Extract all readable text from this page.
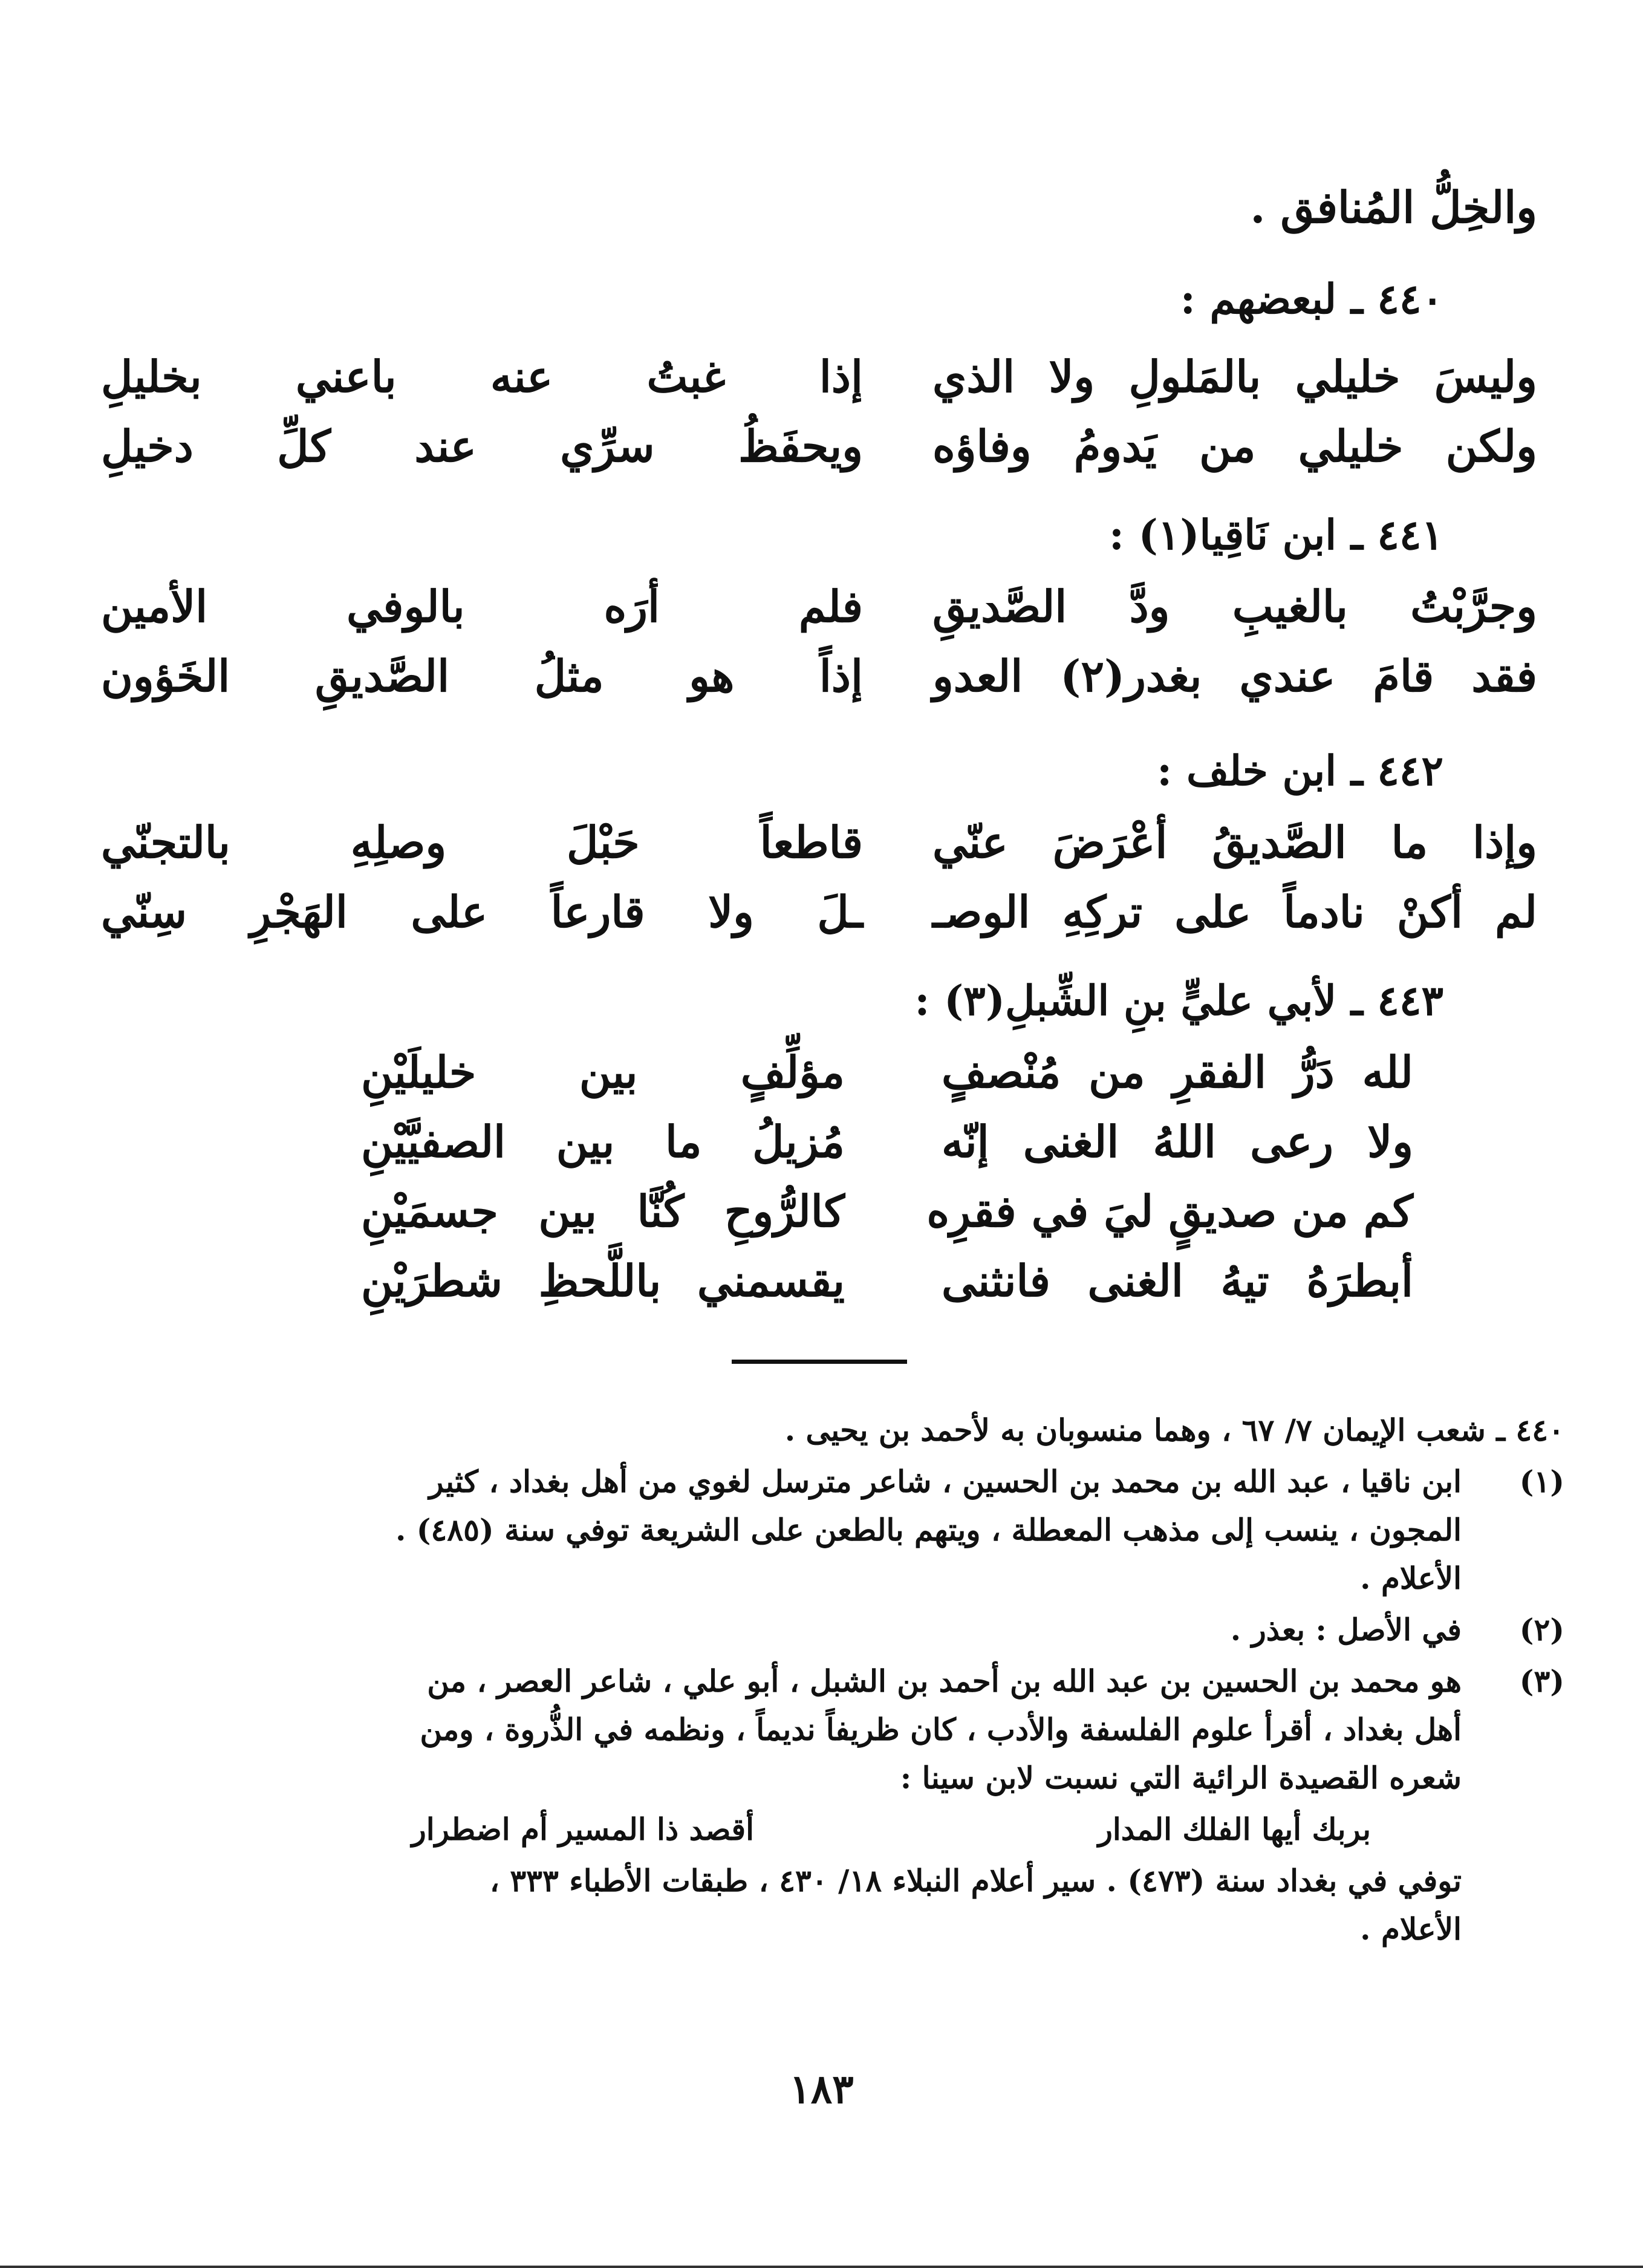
والخِلُّ المُنافق .
٤٤٠ ـ لبعضهم :
وليسَ خليلي بالمَلولِ ولا الذي
إذا غبتُ عنه باعني بخليلِ
ولكن خليلي من يَدومُ وفاؤه
ويحفَظُ سرِّي عند كلِّ دخيلِ
٤٤١ ـ ابن نَاقِيا(١) :
وجرَّبْتُ بالغيبِ ودَّ الصَّديقِ
فلم أرَه بالوفي الأمين
فقد قامَ عندي بغدر(٢) العدو
إذاً هو مثلُ الصَّديقِ الخَؤون
٤٤٢ ـ ابن خلف :
وإذا ما الصَّديقُ أعْرَضَ عنّي
قاطعاً حَبْلَ وصلِهِ بالتجنّي
لم أكنْ نادماً على تركِهِ الوصـ
ـلَ ولا قارعاً على الهَجْرِ سِنّي
٤٤٣ ـ لأبي عليٍّ بنِ الشِّبلِ(٣) :
لله دَرُّ الفقرِ من مُنْصفٍ
مؤلِّفٍ بين خليلَيْنِ
ولا رعى اللهُ الغنى إنّه
مُزيلُ ما بين الصفيَّيْنِ
كم من صديقٍ ليَ في فقرِه
كالرُّوحِ كُنَّا بين جسمَيْنِ
أبطرَهُ تيهُ الغنى فانثنى
يقسمني باللَّحظِ شطرَيْنِ
٤٤٠ ـ شعب الإيمان ٧/ ٦٧ ، وهما منسوبان به لأحمد بن يحيى .
(١)
ابن ناقيا ، عبد الله بن محمد بن الحسين ، شاعر مترسل لغوي من أهل بغداد ، كثير
المجون ، ينسب إلى مذهب المعطلة ، ويتهم بالطعن على الشريعة توفي سنة (٤٨٥) .
الأعلام .
(٢)
في الأصل : بعذر .
(٣)
هو محمد بن الحسين بن عبد الله بن أحمد بن الشبل ، أبو علي ، شاعر العصر ، من
أهل بغداد ، أقرأ علوم الفلسفة والأدب ، كان ظريفاً نديماً ، ونظمه في الذُّروة ، ومن
شعره القصيدة الرائية التي نسبت لابن سينا :
بربك أيها الفلك المدار
أقصد ذا المسير أم اضطرار
توفي في بغداد سنة (٤٧٣) . سير أعلام النبلاء ١٨/ ٤٣٠ ، طبقات الأطباء ٣٣٣ ،
الأعلام .
١٨٣
